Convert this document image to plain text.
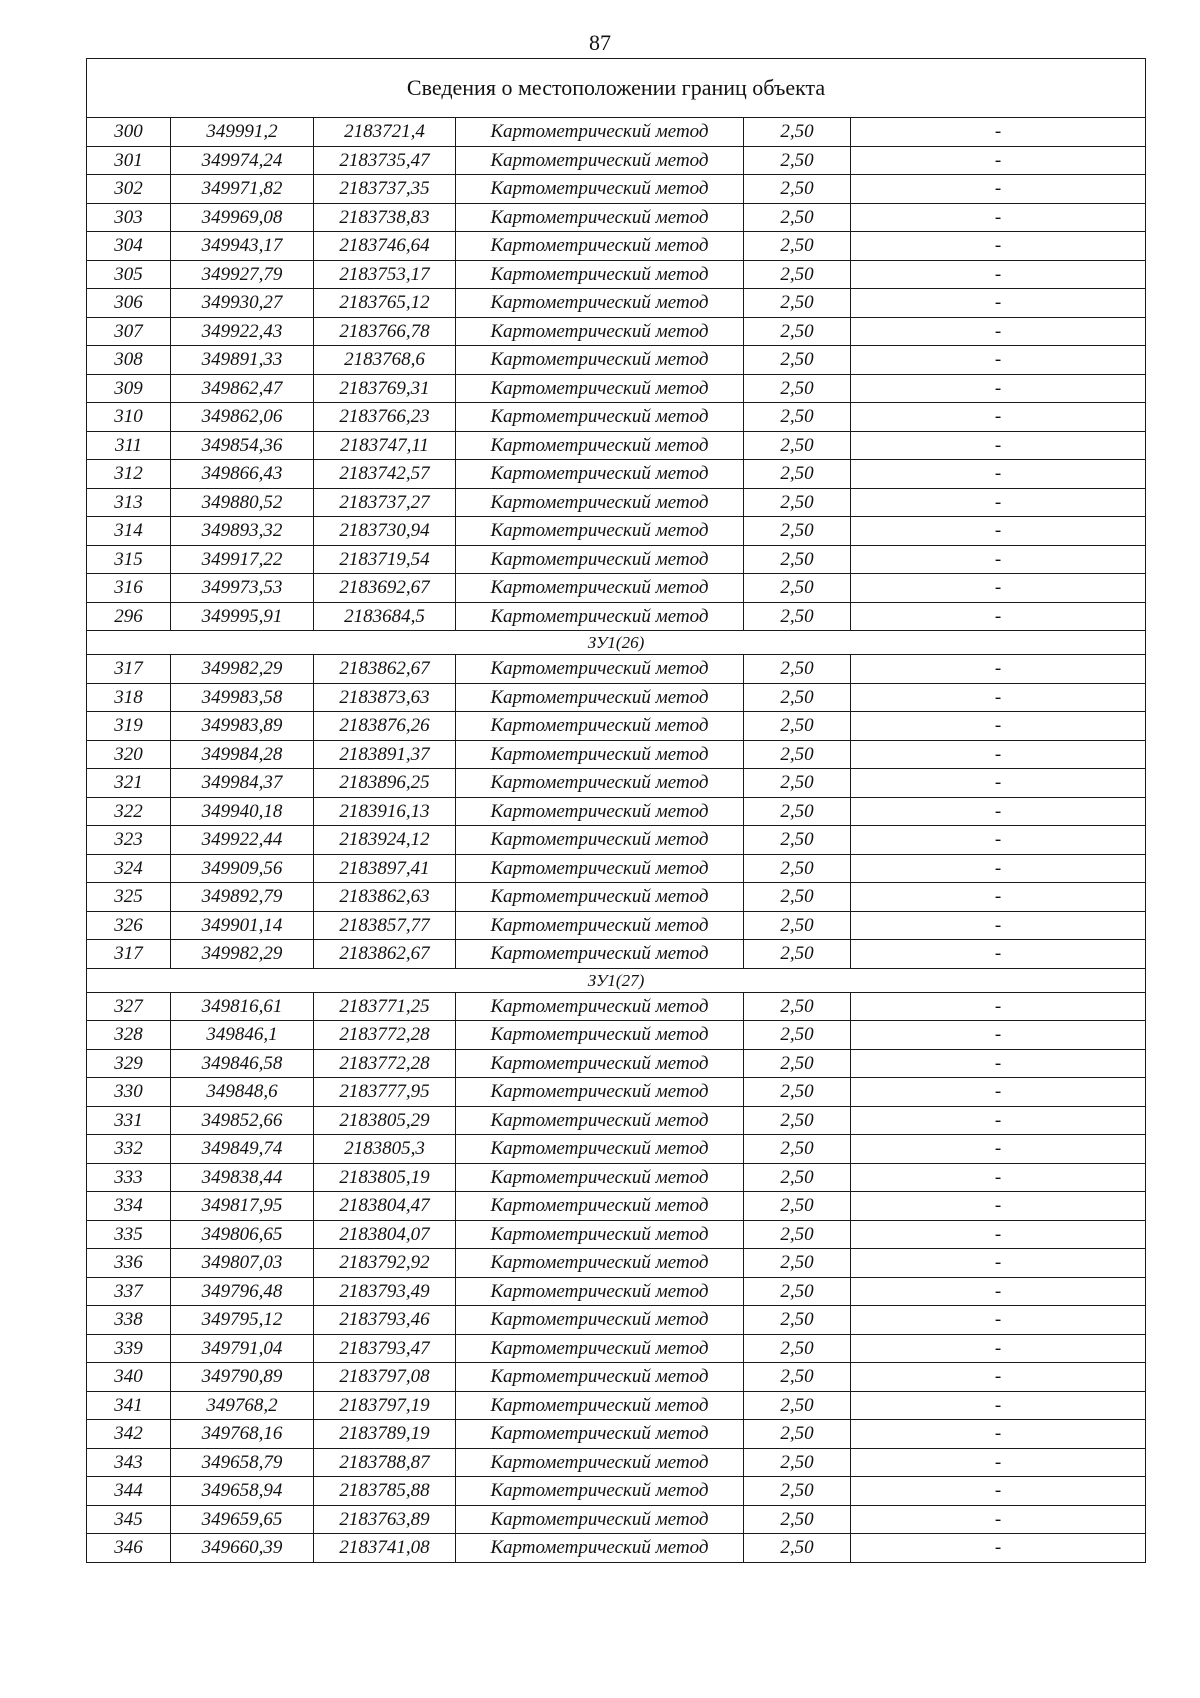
87
Сведения о местоположении границ объекта					
300	349991,2	2183721,4	Картометрический метод	2,50	-
301	349974,24	2183735,47	Картометрический метод	2,50	-
302	349971,82	2183737,35	Картометрический метод	2,50	-
303	349969,08	2183738,83	Картометрический метод	2,50	-
304	349943,17	2183746,64	Картометрический метод	2,50	-
305	349927,79	2183753,17	Картометрический метод	2,50	-
306	349930,27	2183765,12	Картометрический метод	2,50	-
307	349922,43	2183766,78	Картометрический метод	2,50	-
308	349891,33	2183768,6	Картометрический метод	2,50	-
309	349862,47	2183769,31	Картометрический метод	2,50	-
310	349862,06	2183766,23	Картометрический метод	2,50	-
311	349854,36	2183747,11	Картометрический метод	2,50	-
312	349866,43	2183742,57	Картометрический метод	2,50	-
313	349880,52	2183737,27	Картометрический метод	2,50	-
314	349893,32	2183730,94	Картометрический метод	2,50	-
315	349917,22	2183719,54	Картометрический метод	2,50	-
316	349973,53	2183692,67	Картометрический метод	2,50	-
296	349995,91	2183684,5	Картометрический метод	2,50	-
ЗУ1(26)					
317	349982,29	2183862,67	Картометрический метод	2,50	-
318	349983,58	2183873,63	Картометрический метод	2,50	-
319	349983,89	2183876,26	Картометрический метод	2,50	-
320	349984,28	2183891,37	Картометрический метод	2,50	-
321	349984,37	2183896,25	Картометрический метод	2,50	-
322	349940,18	2183916,13	Картометрический метод	2,50	-
323	349922,44	2183924,12	Картометрический метод	2,50	-
324	349909,56	2183897,41	Картометрический метод	2,50	-
325	349892,79	2183862,63	Картометрический метод	2,50	-
326	349901,14	2183857,77	Картометрический метод	2,50	-
317	349982,29	2183862,67	Картометрический метод	2,50	-
ЗУ1(27)					
327	349816,61	2183771,25	Картометрический метод	2,50	-
328	349846,1	2183772,28	Картометрический метод	2,50	-
329	349846,58	2183772,28	Картометрический метод	2,50	-
330	349848,6	2183777,95	Картометрический метод	2,50	-
331	349852,66	2183805,29	Картометрический метод	2,50	-
332	349849,74	2183805,3	Картометрический метод	2,50	-
333	349838,44	2183805,19	Картометрический метод	2,50	-
334	349817,95	2183804,47	Картометрический метод	2,50	-
335	349806,65	2183804,07	Картометрический метод	2,50	-
336	349807,03	2183792,92	Картометрический метод	2,50	-
337	349796,48	2183793,49	Картометрический метод	2,50	-
338	349795,12	2183793,46	Картометрический метод	2,50	-
339	349791,04	2183793,47	Картометрический метод	2,50	-
340	349790,89	2183797,08	Картометрический метод	2,50	-
341	349768,2	2183797,19	Картометрический метод	2,50	-
342	349768,16	2183789,19	Картометрический метод	2,50	-
343	349658,79	2183788,87	Картометрический метод	2,50	-
344	349658,94	2183785,88	Картометрический метод	2,50	-
345	349659,65	2183763,89	Картометрический метод	2,50	-
346	349660,39	2183741,08	Картометрический метод	2,50	-
